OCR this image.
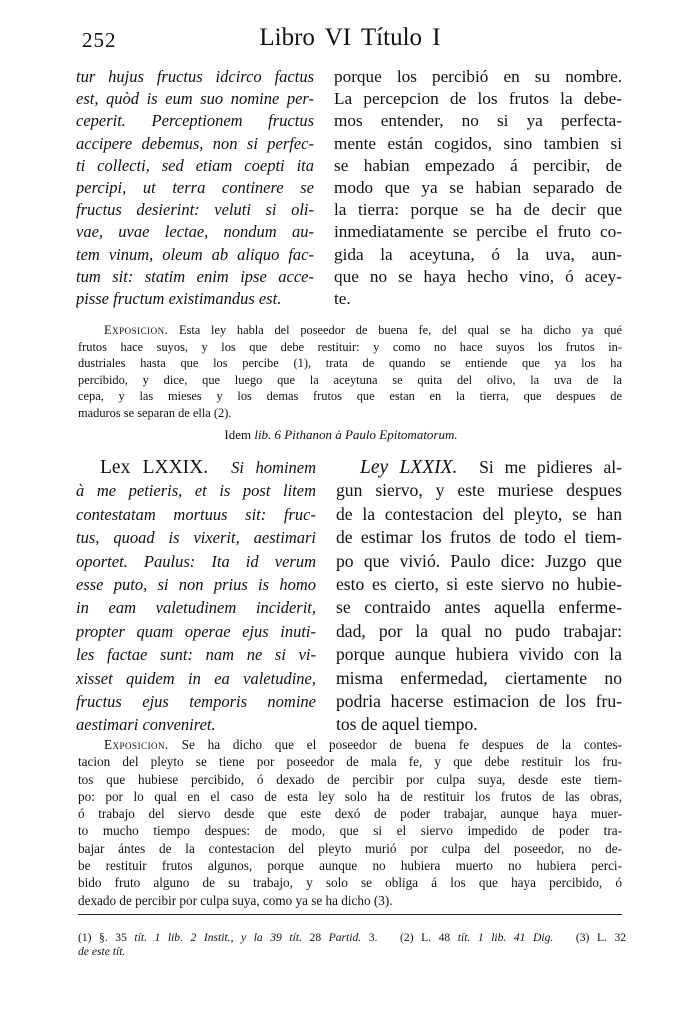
252	Libro VI Título I
tur hujus fructus idcirco factus
est, quòd is eum suo nomine per-
ceperit. Perceptionem fructus
accipere debemus, non si perfec-
ti collecti, sed etiam coepti ita
percipi, ut terra continere se
fructus desierint: veluti si oli-
vae, uvae lectae, nondum au-
tem vinum, oleum ab aliquo fac-
tum sit: statim enim ipse acce-
pisse fructum existimandus est.
porque los percibió en su nombre.
La percepcion de los frutos la debe-
mos entender, no si ya perfecta-
mente están cogidos, sino tambien si
se habian empezado á percibir, de
modo que ya se habian separado de
la tierra: porque se ha de decir que
inmediatamente se percibe el fruto co-
gida la aceytuna, ó la uva, aun-
que no se haya hecho vino, ó acey-
te.
Exposicion. Esta ley habla del poseedor de buena fe, del qual se ha dicho ya qué
frutos hace suyos, y los que debe restituir: y como no hace suyos los frutos in-
dustriales hasta que los percibe (1), trata de quando se entiende que ya los ha
percibido, y dice, que luego que la aceytuna se quita del olivo, la uva de la
cepa, y las mieses y los demas frutos que estan en la tierra, que despues de
maduros se separan de ella (2).
Idem lib. 6 Pithanon à Paulo Epitomatorum.
Lex LXXIX. Si hominem
à me petieris, et is post litem
contestatam mortuus sit: fruc-
tus, quoad is vixerit, aestimari
oportet. Paulus: Ita id verum
esse puto, si non prius is homo
in eam valetudinem inciderit,
propter quam operae ejus inuti-
les factae sunt: nam ne si vi-
xisset quidem in ea valetudine,
fructus ejus temporis nomine
aestimari conveniret.
Ley LXXIX. Si me pidieres al-
gun siervo, y este muriese despues
de la contestacion del pleyto, se han
de estimar los frutos de todo el tiem-
po que vivió. Paulo dice: Juzgo que
esto es cierto, si este siervo no hubie-
se contraido antes aquella enferme-
dad, por la qual no pudo trabajar:
porque aunque hubiera vivido con la
misma enfermedad, ciertamente no
podria hacerse estimacion de los fru-
tos de aquel tiempo.
Exposicion. Se ha dicho que el poseedor de buena fe despues de la contes-
tacion del pleyto se tiene por poseedor de mala fe, y que debe restituir los fru-
tos que hubiese percibido, ó dexado de percibir por culpa suya, desde este tiem-
po: por lo qual en el caso de esta ley solo ha de restituir los frutos de las obras,
ó trabajo del siervo desde que este dexó de poder trabajar, aunque haya muer-
to mucho tiempo despues: de modo, que si el siervo impedido de poder tra-
bajar ántes de la contestacion del pleyto murió por culpa del poseedor, no de-
be restituir frutos algunos, porque aunque no hubiera muerto no hubiera perci-
bido fruto alguno de su trabajo, y solo se obliga á los que haya percibido, ó
dexado de percibir por culpa suya, como ya se ha dicho (3).
(1) §. 35 tít. 1 lib. 2 Instit., y la 39 tít. 28 Partid. 3. (2) L. 48 tít. 1 lib. 41 Dig. (3) L. 32
de este tít.
